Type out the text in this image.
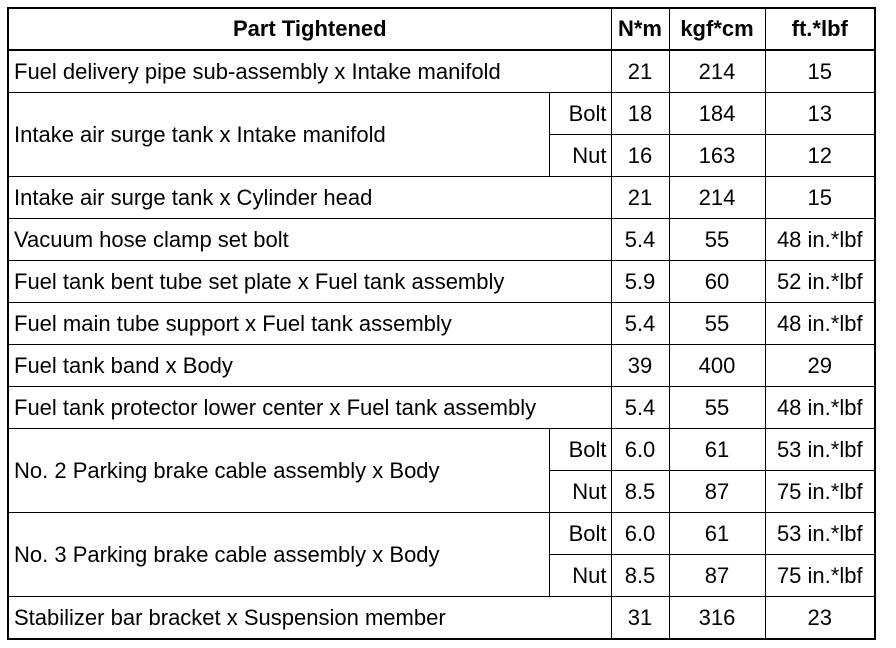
Part Tightened		N*m	kgf*cm	ft.*lbf
Fuel delivery pipe sub-assembly x Intake manifold		21	214	15
Intake air surge tank x Intake manifold	Bolt	18	184	13
	Nut	16	163	12
Intake air surge tank x Cylinder head		21	214	15
Vacuum hose clamp set bolt		5.4	55	48 in.*lbf
Fuel tank bent tube set plate x Fuel tank assembly		5.9	60	52 in.*lbf
Fuel main tube support x Fuel tank assembly		5.4	55	48 in.*lbf
Fuel tank band x Body		39	400	29
Fuel tank protector lower center x Fuel tank assembly		5.4	55	48 in.*lbf
No. 2 Parking brake cable assembly x Body	Bolt	6.0	61	53 in.*lbf
	Nut	8.5	87	75 in.*lbf
No. 3 Parking brake cable assembly x Body	Bolt	6.0	61	53 in.*lbf
	Nut	8.5	87	75 in.*lbf
Stabilizer bar bracket x Suspension member		31	316	23
